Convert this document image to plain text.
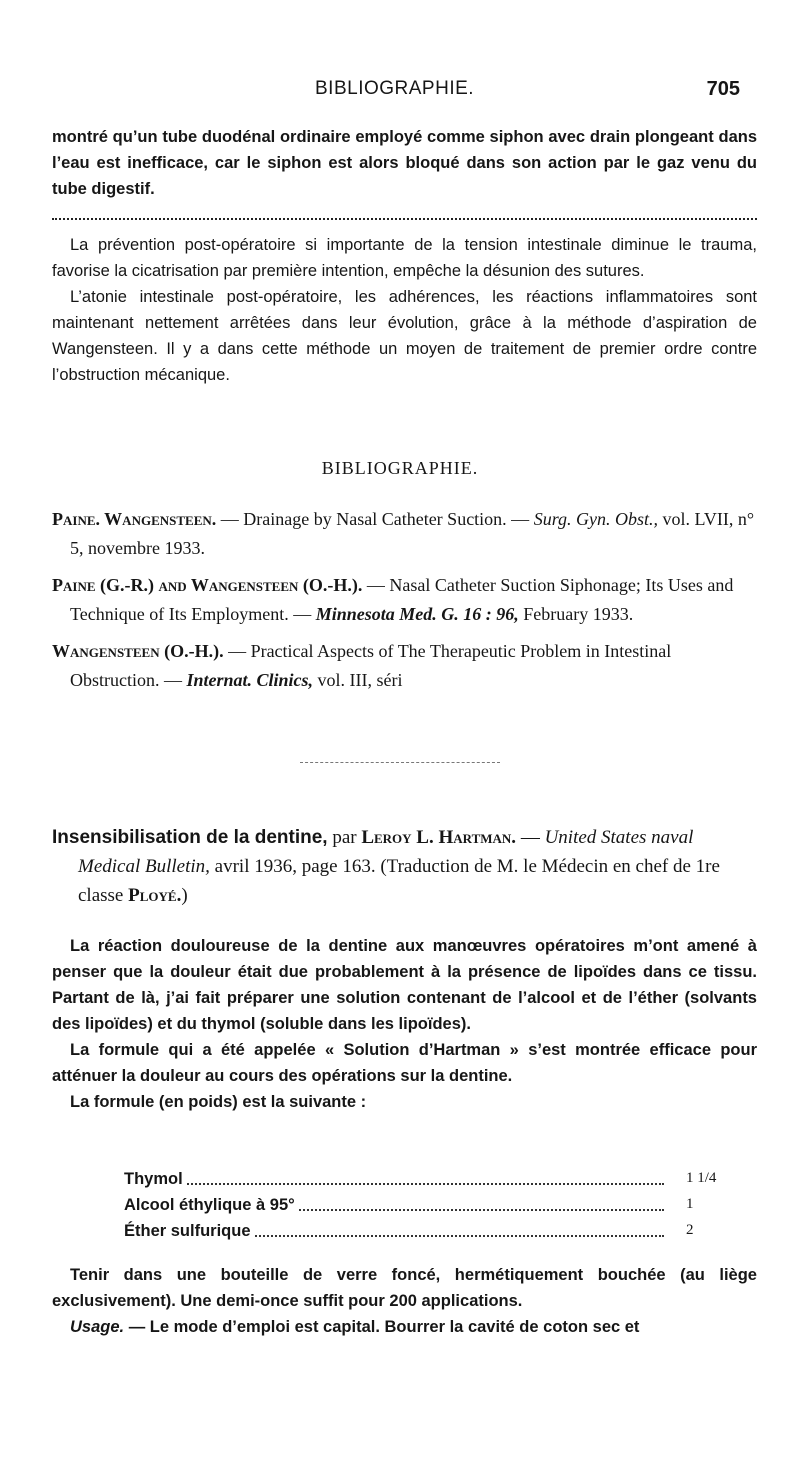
BIBLIOGRAPHIE.	705

montré qu’un tube duodénal ordinaire employé comme siphon avec drain plongeant dans l’eau est inefficace, car le siphon est alors bloqué dans son action par le gaz venu du tube digestif.

La prévention post-opératoire si importante de la tension intestinale diminue le trauma, favorise la cicatrisation par première intention, empêche la désunion des sutures.

L’atonie intestinale post-opératoire, les adhérences, les réactions inflammatoires sont maintenant nettement arrêtées dans leur évolution, grâce à la méthode d’aspiration de Wangensteen. Il y a dans cette méthode un moyen de traitement de premier ordre contre l’obstruction mécanique.

BIBLIOGRAPHIE.

Paine. Wangensteen. — Drainage by Nasal Catheter Suction. — Surg. Gyn. Obst., vol. LVII, n° 5, novembre 1933.

Paine (G.-R.) and Wangensteen (O.-H.). — Nasal Catheter Suction Siphonage; Its Uses and Technique of Its Employment. — Minnesota Med. G. 16 : 96, February 1933.

Wangensteen (O.-H.). — Practical Aspects of The Therapeutic Problem in Intestinal Obstruction. — Internat. Clinics, vol. III, séri

Insensibilisation de la dentine, par Leroy L. Hartman. — United States naval Medical Bulletin, avril 1936, page 163. (Traduction de M. le Médecin en chef de 1re classe Ployé.)

La réaction douloureuse de la dentine aux manœuvres opératoires m’ont amené à penser que la douleur était due probablement à la présence de lipoïdes dans ce tissu. Partant de là, j’ai fait préparer une solution contenant de l’alcool et de l’éther (solvants des lipoïdes) et du thymol (soluble dans les lipoïdes).

La formule qui a été appelée « Solution d’Hartman » s’est montrée efficace pour atténuer la douleur au cours des opérations sur la dentine.

La formule (en poids) est la suivante :

Thymol	1 1/4
Alcool éthylique à 95°	1
Éther sulfurique	2

Tenir dans une bouteille de verre foncé, hermétiquement bouchée (au liège exclusivement). Une demi-once suffit pour 200 applications.

Usage. — Le mode d’emploi est capital. Bourrer la cavité de coton sec et
